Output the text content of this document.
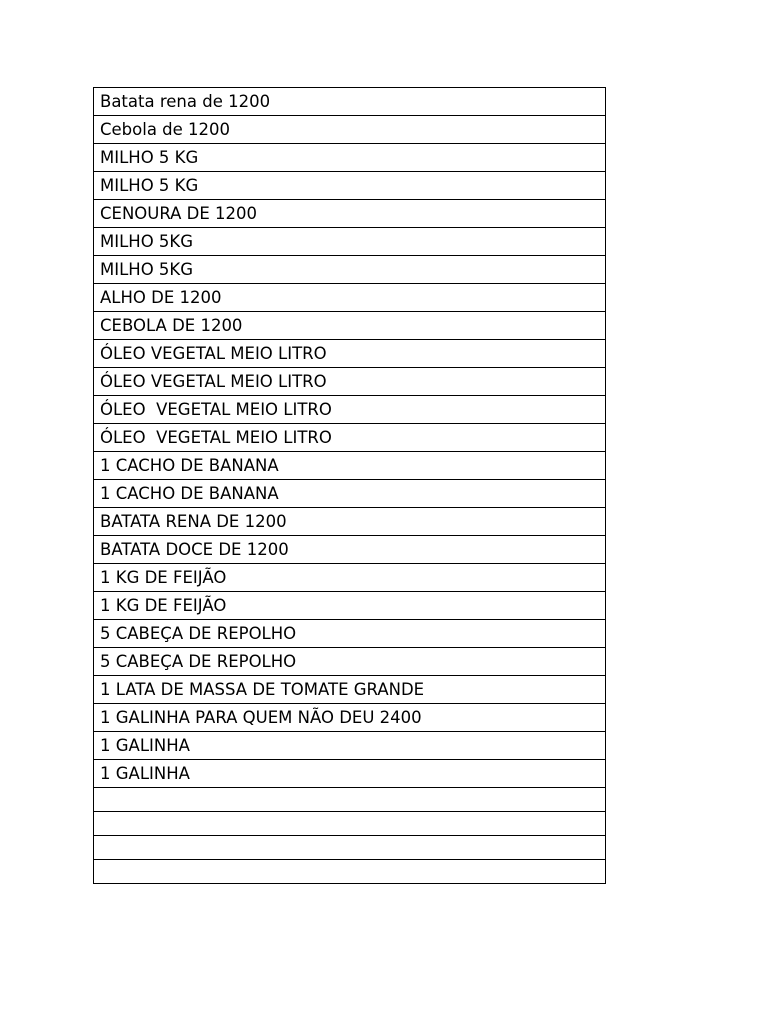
Batata rena de 1200
Cebola de 1200
MILHO 5 KG
MILHO 5 KG
CENOURA DE 1200
MILHO 5KG
MILHO 5KG
ALHO DE 1200
CEBOLA DE 1200
ÓLEO VEGETAL MEIO LITRO
ÓLEO VEGETAL MEIO LITRO
ÓLEO  VEGETAL MEIO LITRO
ÓLEO  VEGETAL MEIO LITRO
1 CACHO DE BANANA
1 CACHO DE BANANA
BATATA RENA DE 1200
BATATA DOCE DE 1200
1 KG DE FEIJÃO
1 KG DE FEIJÃO
5 CABEÇA DE REPOLHO
5 CABEÇA DE REPOLHO
1 LATA DE MASSA DE TOMATE GRANDE
1 GALINHA PARA QUEM NÃO DEU 2400
1 GALINHA
1 GALINHA
